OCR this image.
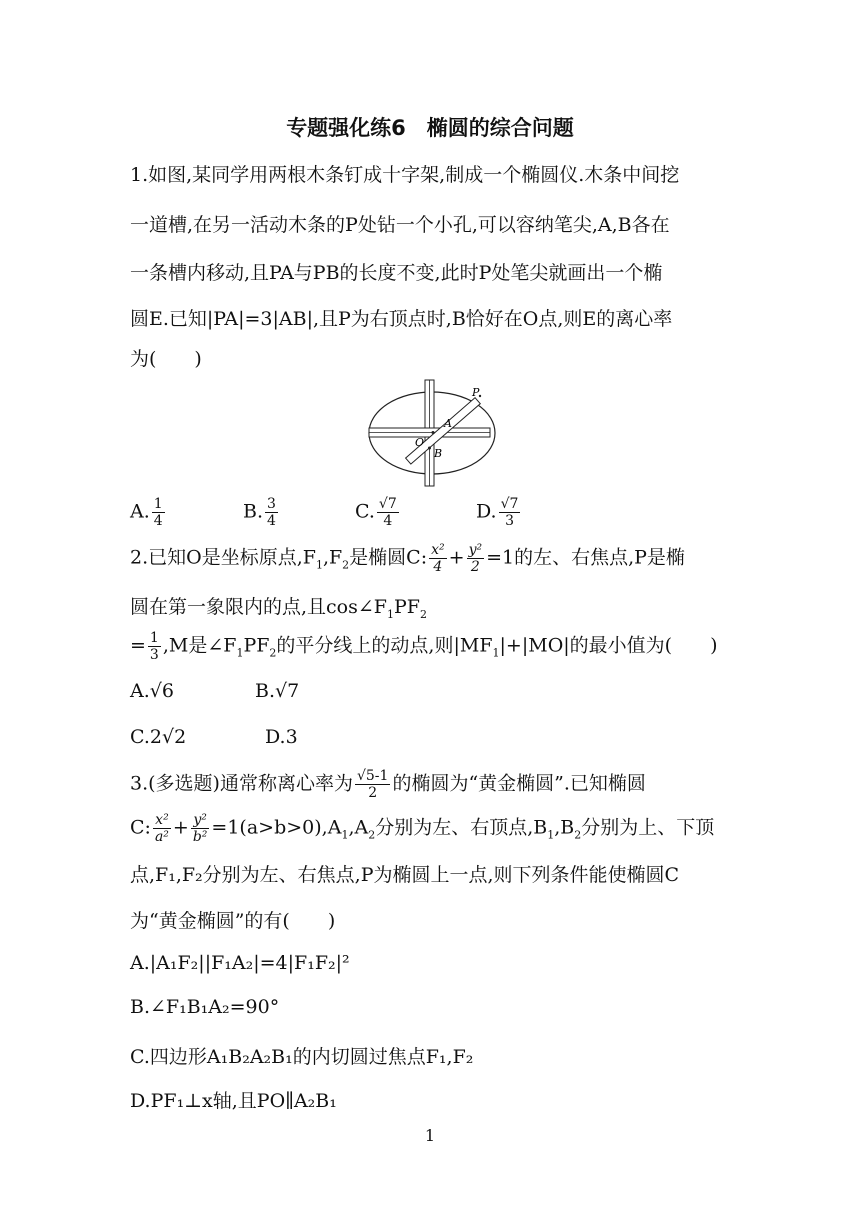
专题强化练6　椭圆的综合问题
1.如图,某同学用两根木条钉成十字架,制成一个椭圆仪.木条中间挖
一道槽,在另一活动木条的P处钻一个小孔,可以容纳笔尖,A,B各在
一条槽内移动,且PA与PB的长度不变,此时P处笔尖就画出一个椭
圆E.已知|PA|=3|AB|,且P为右顶点时,B恰好在O点,则E的离心率
为(　　)
P
A
O
B
A. $\frac{1}{4}$	B. $\frac{3}{4}$	C. $\frac{√7}{4}$	D. $\frac{√7}{3}$
2.已知O是坐标原点$,F_1,F_2$是椭圆C: $\frac{\text{x²}}{4} + \frac{\text{y²}}{2} =1$的左、右焦点,P是椭
圆在第一象限内的点,且$\cos\angle F_1PF_2$
= $\frac{1}{3} ,M$是$\angle F_1PF_2$的平分线上的动点,则$|MF_1|+|MO|$的最小值为(　　)
A.√6	B.√7
C.2√2	D.3
3.(多选题)通常称离心率为 $\frac{√5-1}{2}$ 的椭圆为“黄金椭圆”.已知椭圆
C: $\frac{\text{x²}}{\text{a²}} + \frac{\text{y²}}{\text{b²}} =1(a>b>0),A_1,A_2$分别为左、右顶点$,B_1,B_2$分别为上、下顶
点,F₁,F₂分别为左、右焦点,P为椭圆上一点,则下列条件能使椭圆C
为“黄金椭圆”的有(　　)
A.|A₁F₂||F₁A₂|=4|F₁F₂|²
B.∠F₁B₁A₂=90°
C.四边形A₁B₂A₂B₁的内切圆过焦点F₁,F₂
D.PF₁⊥x轴,且PO∥A₂B₁
1
